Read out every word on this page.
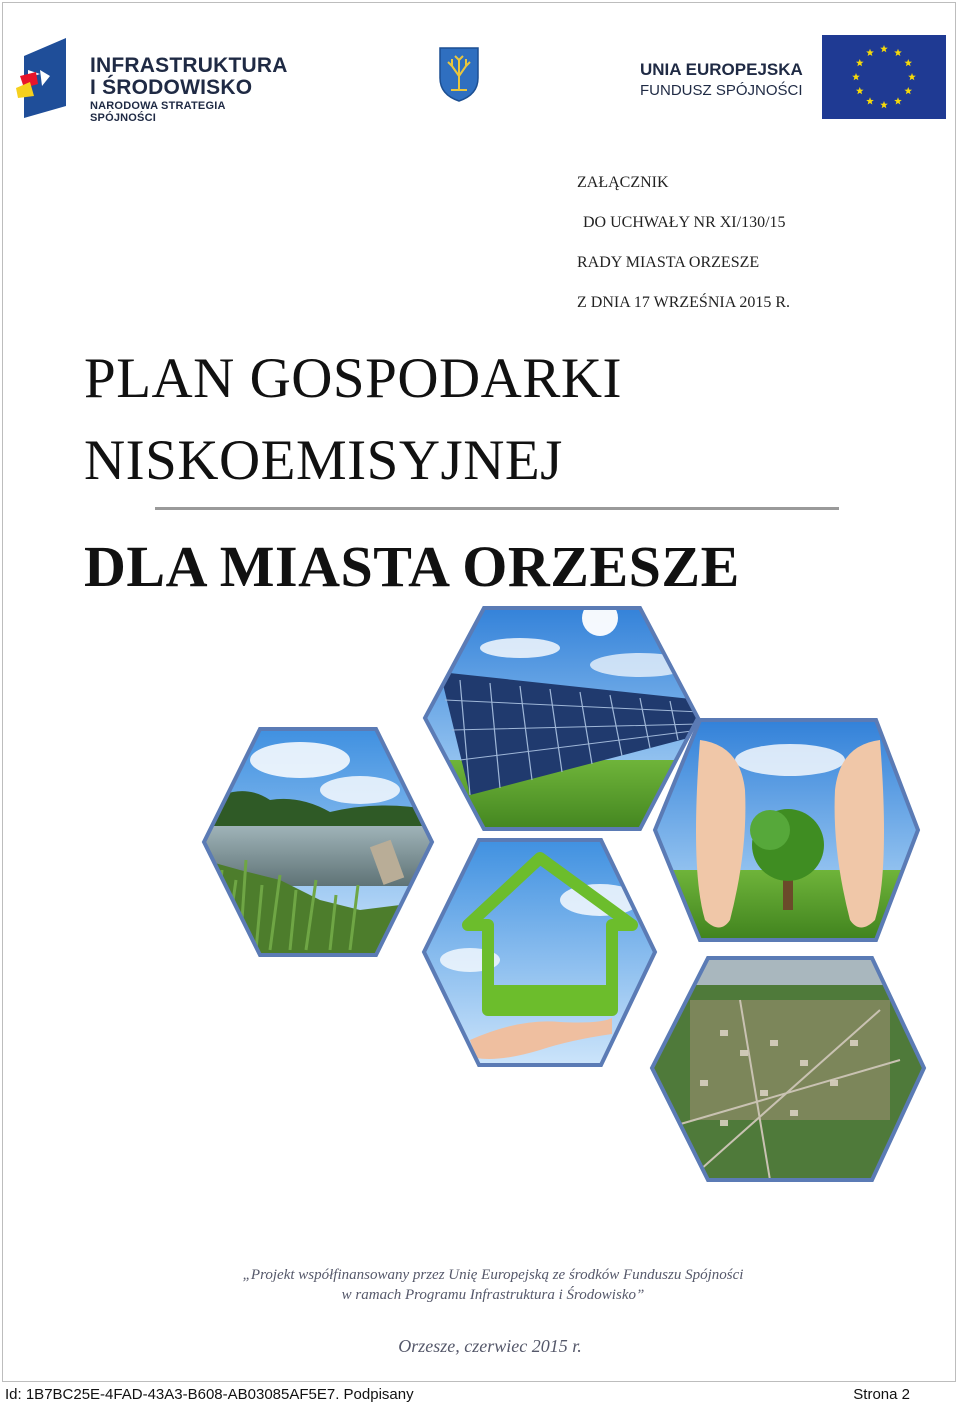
INFRASTRUKTURA
I ŚRODOWISKO
NARODOWA STRATEGIA SPÓJNOŚCI
UNIA EUROPEJSKA
FUNDUSZ SPÓJNOŚCI
ZAŁĄCZNIK
DO UCHWAŁY NR XI/130/15
RADY MIASTA ORZESZE
Z DNIA 17 WRZEŚNIA 2015 R.
PLAN GOSPODARKI
NISKOEMISYJNEJ
DLA MIASTA ORZESZE
„Projekt współfinansowany przez Unię Europejską ze środków Funduszu Spójności
w ramach Programu Infrastruktura i Środowisko”
Orzesze, czerwiec 2015 r.
Id: 1B7BC25E-4FAD-43A3-B608-AB03085AF5E7. Podpisany	Strona 2
